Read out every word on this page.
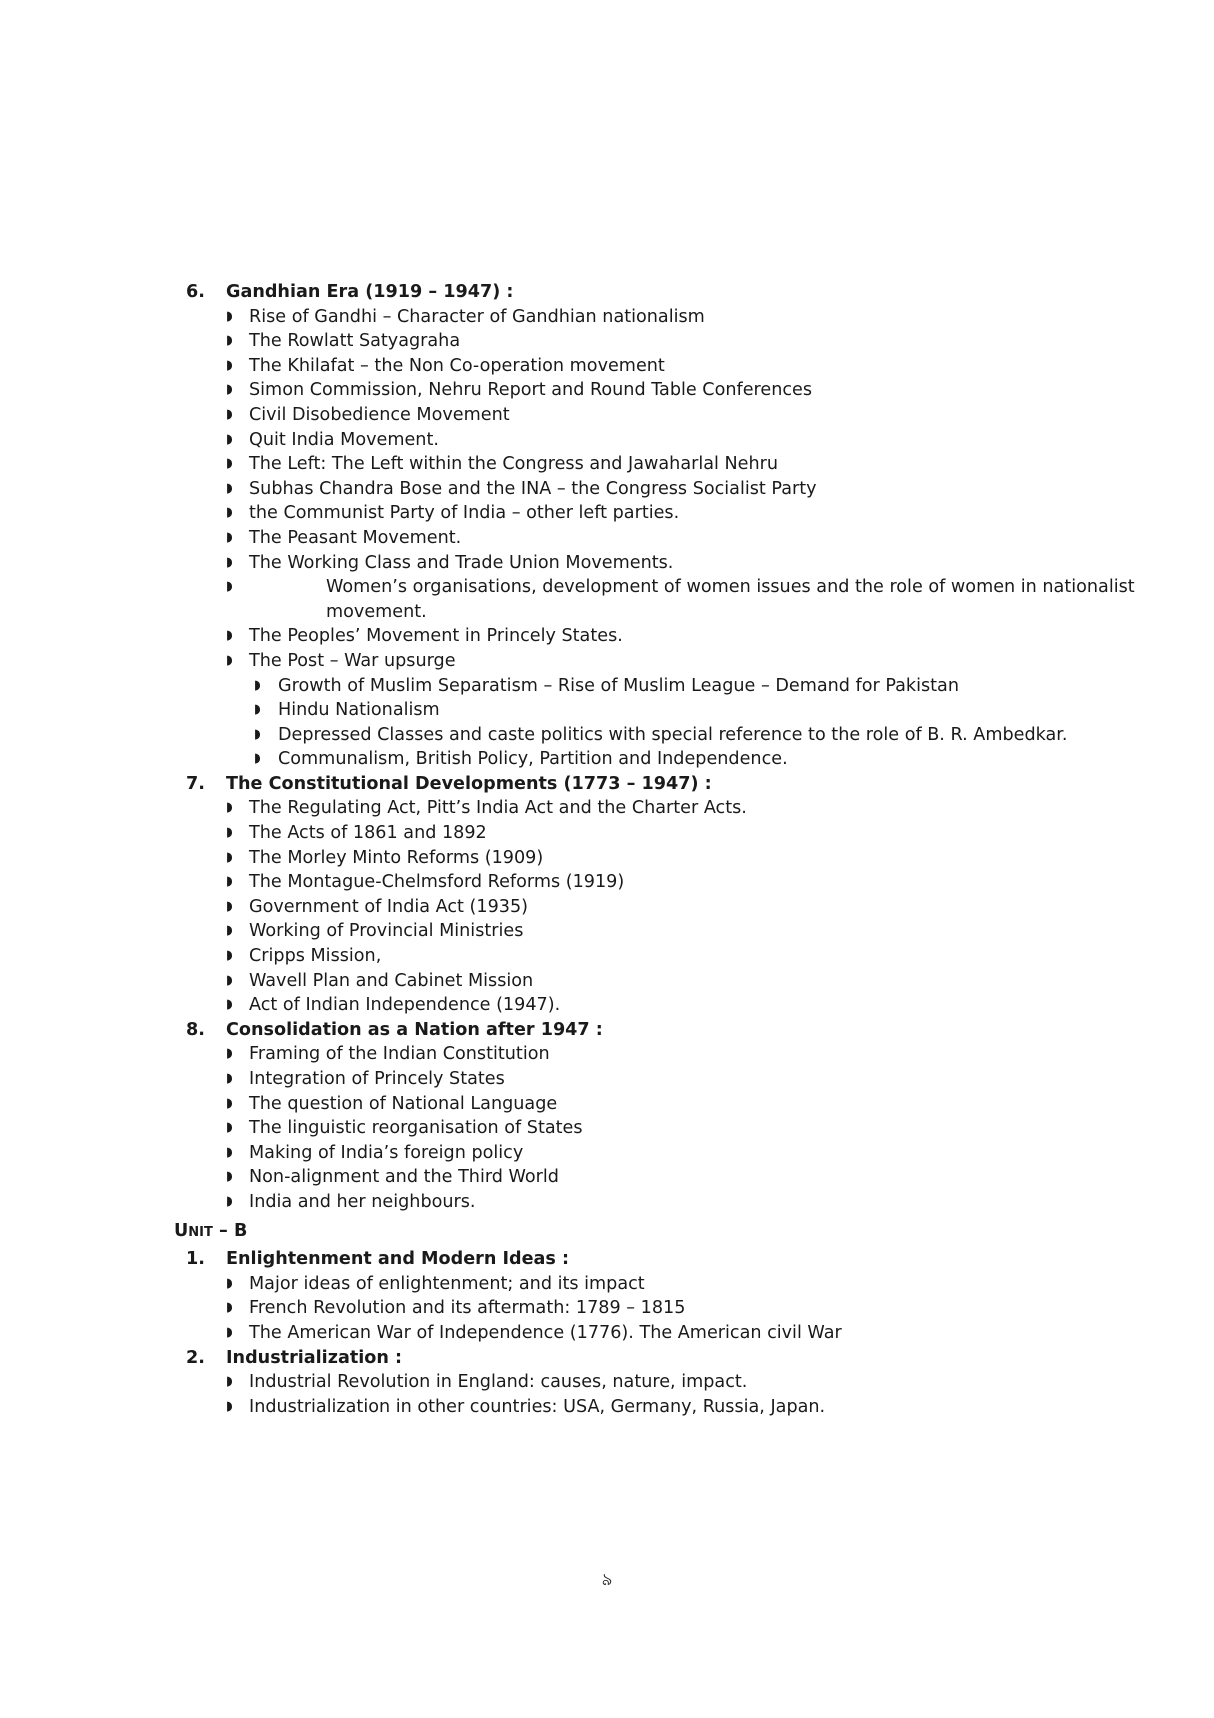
6.	Gandhian Era (1919 – 1947) :
◗ Rise of Gandhi – Character of Gandhian nationalism
◗ The Rowlatt Satyagraha
◗ The Khilafat – the Non Co-operation movement
◗ Simon Commission, Nehru Report and Round Table Conferences
◗ Civil Disobedience Movement
◗ Quit India Movement.
◗ The Left: The Left within the Congress and Jawaharlal Nehru
◗ Subhas Chandra Bose and the INA – the Congress Socialist Party
◗ the Communist Party of India – other left parties.
◗ The Peasant Movement.
◗ The Working Class and Trade Union Movements.
◗	Women’s organisations, development of women issues and the role of women in nationalist movement.
◗ The Peoples’ Movement in Princely States.
◗ The Post – War upsurge
◗ Growth of Muslim Separatism – Rise of Muslim League – Demand for Pakistan
◗ Hindu Nationalism
◗ Depressed Classes and caste politics with special reference to the role of B. R. Ambedkar.
◗ Communalism, British Policy, Partition and Independence.
7.	The Constitutional Developments (1773 – 1947) :
◗ The Regulating Act, Pitt’s India Act and the Charter Acts.
◗ The Acts of 1861 and 1892
◗ The Morley Minto Reforms (1909)
◗ The Montague-Chelmsford Reforms (1919)
◗ Government of India Act (1935)
◗ Working of Provincial Ministries
◗ Cripps Mission,
◗ Wavell Plan and Cabinet Mission
◗ Act of Indian Independence (1947).
8.	Consolidation as a Nation after 1947 :
◗ Framing of the Indian Constitution
◗ Integration of Princely States
◗ The question of National Language
◗ The linguistic reorganisation of States
◗ Making of India’s foreign policy
◗ Non-alignment and the Third World
◗ India and her neighbours.
UNIT – B
1.	Enlightenment and Modern Ideas :
◗ Major ideas of enlightenment; and its impact
◗ French Revolution and its aftermath: 1789 – 1815
◗ The American War of Independence (1776). The American civil War
2.	Industrialization :
◗ Industrial Revolution in England: causes, nature, impact.
◗ Industrialization in other countries: USA, Germany, Russia, Japan.
৯
